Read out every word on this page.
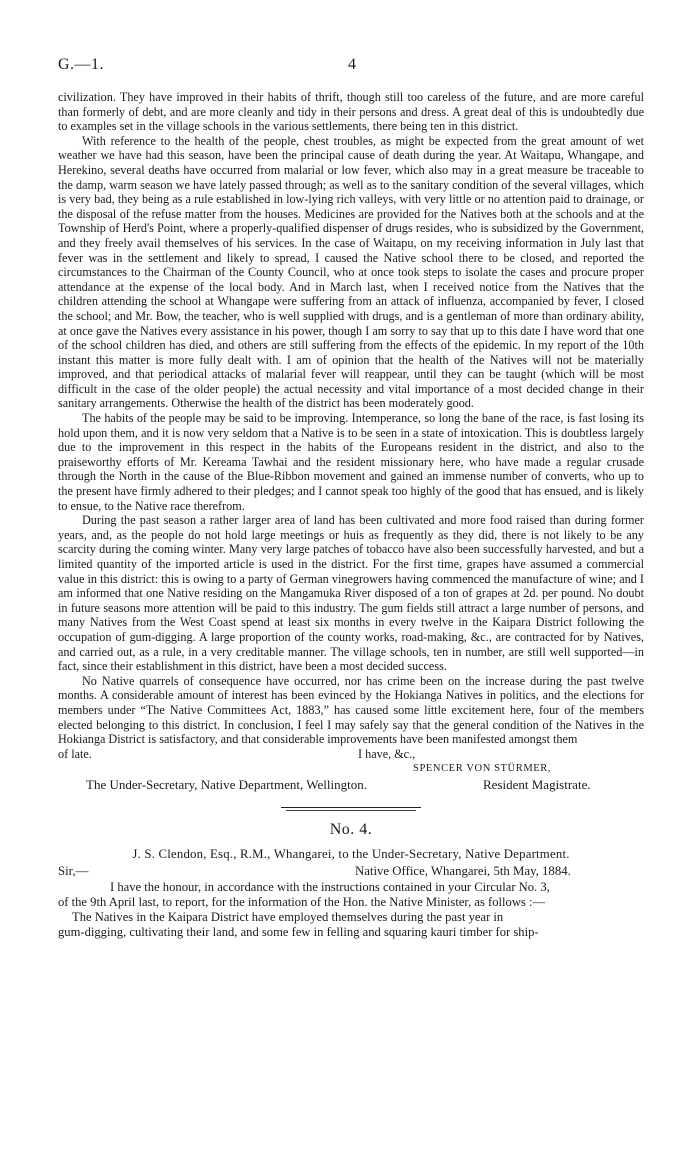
G.—1.	4

civilization. They have improved in their habits of thrift, though still too careless of the future, and are more careful than formerly of debt, and are more cleanly and tidy in their persons and dress. A great deal of this is undoubtedly due to examples set in the village schools in the various settlements, there being ten in this district.

With reference to the health of the people, chest troubles, as might be expected from the great amount of wet weather we have had this season, have been the principal cause of death during the year. At Waitapu, Whangape, and Herekino, several deaths have occurred from malarial or low fever, which also may in a great measure be traceable to the damp, warm season we have lately passed through; as well as to the sanitary condition of the several villages, which is very bad, they being as a rule established in low-lying rich valleys, with very little or no attention paid to drainage, or the disposal of the refuse matter from the houses. Medicines are provided for the Natives both at the schools and at the Township of Herd's Point, where a properly-qualified dispenser of drugs resides, who is subsidized by the Government, and they freely avail themselves of his services. In the case of Waitapu, on my receiving information in July last that fever was in the settlement and likely to spread, I caused the Native school there to be closed, and reported the circumstances to the Chairman of the County Council, who at once took steps to isolate the cases and procure proper attendance at the expense of the local body. And in March last, when I received notice from the Natives that the children attending the school at Whangape were suffering from an attack of influenza, accompanied by fever, I closed the school; and Mr. Bow, the teacher, who is well supplied with drugs, and is a gentleman of more than ordinary ability, at once gave the Natives every assistance in his power, though I am sorry to say that up to this date I have word that one of the school children has died, and others are still suffering from the effects of the epidemic. In my report of the 10th instant this matter is more fully dealt with. I am of opinion that the health of the Natives will not be materially improved, and that periodical attacks of malarial fever will reappear, until they can be taught (which will be most difficult in the case of the older people) the actual necessity and vital importance of a most decided change in their sanitary arrangements. Otherwise the health of the district has been moderately good.

The habits of the people may be said to be improving. Intemperance, so long the bane of the race, is fast losing its hold upon them, and it is now very seldom that a Native is to be seen in a state of intoxication. This is doubtless largely due to the improvement in this respect in the habits of the Europeans resident in the district, and also to the praiseworthy efforts of Mr. Kereama Tawhai and the resident missionary here, who have made a regular crusade through the North in the cause of the Blue-Ribbon movement and gained an immense number of converts, who up to the present have firmly adhered to their pledges; and I cannot speak too highly of the good that has ensued, and is likely to ensue, to the Native race therefrom.

During the past season a rather larger area of land has been cultivated and more food raised than during former years, and, as the people do not hold large meetings or huis as frequently as they did, there is not likely to be any scarcity during the coming winter. Many very large patches of tobacco have also been successfully harvested, and but a limited quantity of the imported article is used in the district. For the first time, grapes have assumed a commercial value in this district: this is owing to a party of German vinegrowers having commenced the manufacture of wine; and I am informed that one Native residing on the Mangamuka River disposed of a ton of grapes at 2d. per pound. No doubt in future seasons more attention will be paid to this industry. The gum fields still attract a large number of persons, and many Natives from the West Coast spend at least six months in every twelve in the Kaipara District following the occupation of gum-digging. A large proportion of the county works, road-making, &c., are contracted for by Natives, and carried out, as a rule, in a very creditable manner. The village schools, ten in number, are still well supported—in fact, since their establishment in this district, have been a most decided success.

No Native quarrels of consequence have occurred, nor has crime been on the increase during the past twelve months. A considerable amount of interest has been evinced by the Hokianga Natives in politics, and the elections for members under “The Native Committees Act, 1883,” has caused some little excitement here, four of the members elected belonging to this district. In conclusion, I feel I may safely say that the general condition of the Natives in the Hokianga District is satisfactory, and that considerable improvements have been manifested amongst them

of late.	I have, &c.,
SPENCER VON STÜRMER,
The Under-Secretary, Native Department, Wellington.	Resident Magistrate.
No. 4.
J. S. Clendon, Esq., R.M., Whangarei, to the Under-Secretary, Native Department.
Sir,—	Native Office, Whangarei, 5th May, 1884.

I have the honour, in accordance with the instructions contained in your Circular No. 3,

of the 9th April last, to report, for the information of the Hon. the Native Minister, as follows :—

The Natives in the Kaipara District have employed themselves during the past year in

gum-digging, cultivating their land, and some few in felling and squaring kauri timber for ship-
